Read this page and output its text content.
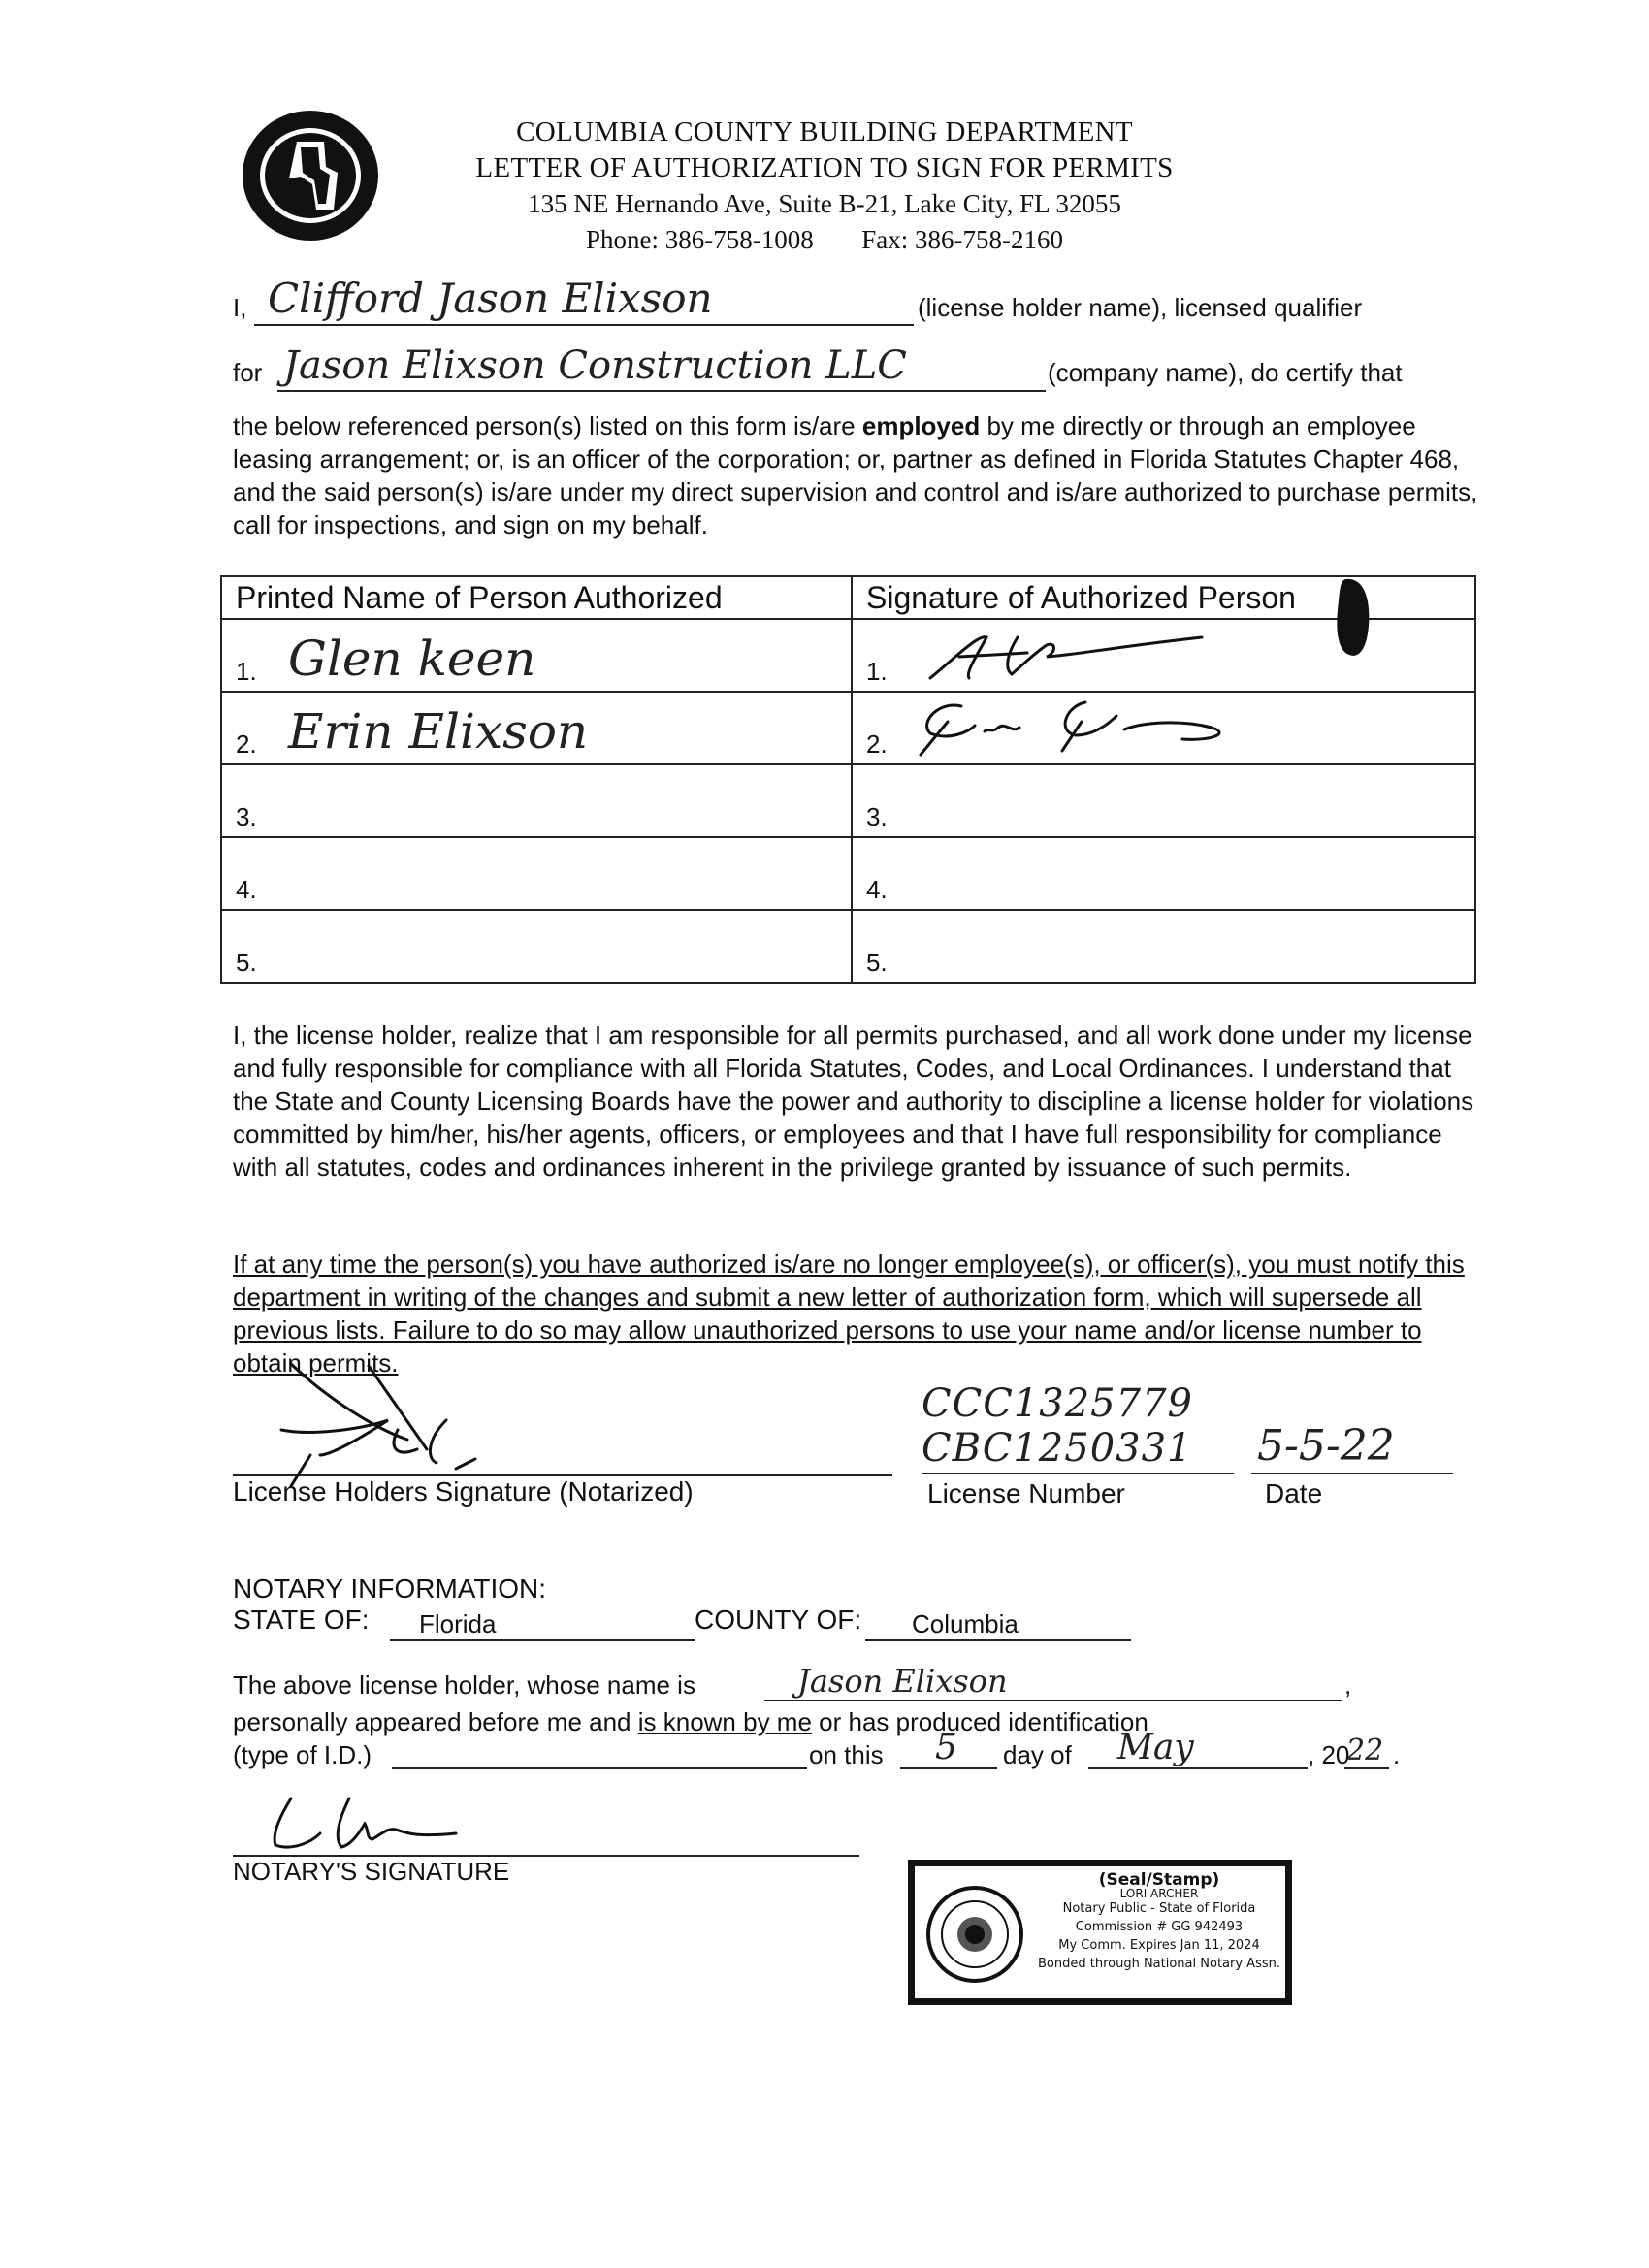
COLUMBIA COUNTY BUILDING DEPARTMENT
LETTER OF AUTHORIZATION TO SIGN FOR PERMITS
135 NE Hernando Ave, Suite B-21, Lake City, FL 32055
Phone: 386-758-1008 Fax: 386-758-2160
I, Clifford Jason Elixson	(license holder name), licensed qualifier
for Jason Elixson Construction LLC	(company name), do certify that
the below referenced person(s) listed on this form is/are employed by me directly or through an employee leasing arrangement; or, is an officer of the corporation; or, partner as defined in Florida Statutes Chapter 468, and the said person(s) is/are under my direct supervision and control and is/are authorized to purchase permits, call for inspections, and sign on my behalf.
Printed Name of Person Authorized	Signature of Authorized Person

1. Glen keen	1.

2. Erin Elixson	2.

3.	3.

4.	4.

5.	5.
I, the license holder, realize that I am responsible for all permits purchased, and all work done under my license and fully responsible for compliance with all Florida Statutes, Codes, and Local Ordinances. I understand that the State and County Licensing Boards have the power and authority to discipline a license holder for violations committed by him/her, his/her agents, officers, or employees and that I have full responsibility for compliance with all statutes, codes and ordinances inherent in the privilege granted by issuance of such permits.
If at any time the person(s) you have authorized is/are no longer employee(s), or officer(s), you must notify this department in writing of the changes and submit a new letter of authorization form, which will supersede all previous lists. Failure to do so may allow unauthorized persons to use your name and/or license number to obtain permits.
License Holders Signature (Notarized)
CCC1325779
CBC1250331
License Number
5-5-22
Date
NOTARY INFORMATION:
STATE OF: Florida	COUNTY OF: Columbia
The above license holder, whose name is	Jason Elixson	,
personally appeared before me and is known by me or has produced identification
(type of I.D.)	on this 5 day of May	, 20
22 .
NOTARY'S SIGNATURE	(Seal/Stamp)
LORI ARCHER
Notary Public - State of Florida
Commission # GG 942493
My Comm. Expires Jan 11, 2024
Bonded through National Notary Assn.
